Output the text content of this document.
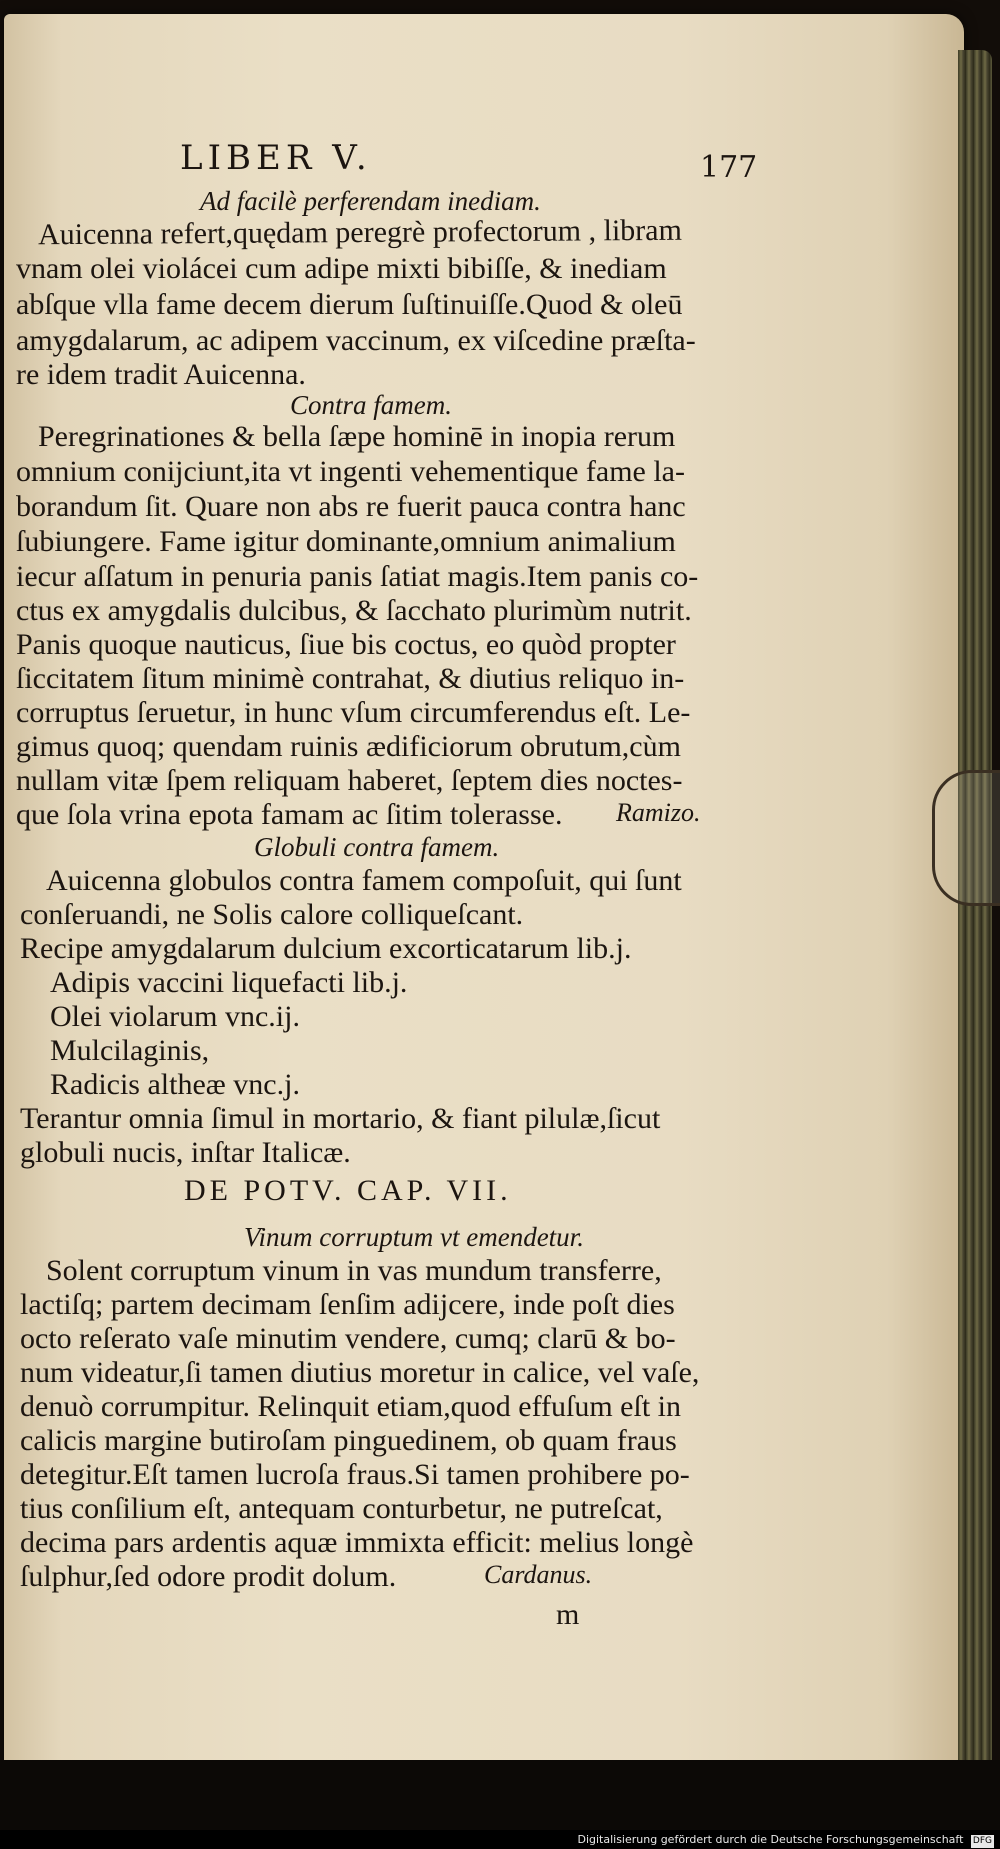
LIBER V.	177
Ad facilè perferendam inediam.
Auicenna refert,quędam peregrè profectorum , libram
vnam olei violácei cum adipe mixti bibiſſe, & inediam
abſque vlla fame decem dierum ſuſtinuiſſe.Quod & oleū
amygdalarum, ac adipem vaccinum, ex viſcedine præſta-
re idem tradit Auicenna.
Contra famem.
Peregrinationes & bella ſæpe hominē in inopia rerum
omnium conijciunt,ita vt ingenti vehementique fame la-
borandum ſit. Quare non abs re fuerit pauca contra hanc
ſubiungere. Fame igitur dominante,omnium animalium
iecur aſſatum in penuria panis ſatiat magis.Item panis co-
ctus ex amygdalis dulcibus, & ſacchato plurimùm nutrit.
Panis quoque nauticus, ſiue bis coctus, eo quòd propter
ſiccitatem ſitum minimè contrahat, & diutius reliquo in-
corruptus ſeruetur, in hunc vſum circumferendus eſt. Le-
gimus quoq; quendam ruinis ædificiorum obrutum,cùm
nullam vitæ ſpem reliquam haberet, ſeptem dies noctes-
que ſola vrina epota famam ac ſitim tolerasse. Ramizo.
Globuli contra famem.
Auicenna globulos contra famem compoſuit, qui ſunt
conſeruandi, ne Solis calore colliqueſcant.
Recipe amygdalarum dulcium excorticatarum lib.j.
Adipis vaccini liquefacti lib.j.
Olei violarum vnc.ij.
Mulcilaginis,
Radicis altheæ vnc.j.
Terantur omnia ſimul in mortario, & fiant pilulæ,ſicut
globuli nucis, inſtar Italicæ.
DE POTV. CAP. VII.
Vinum corruptum vt emendetur.
Solent corruptum vinum in vas mundum transferre,
lactiſq; partem decimam ſenſim adijcere, inde poſt dies
octo reſerato vaſe minutim vendere, cumq; clarū & bo-
num videatur,ſi tamen diutius moretur in calice, vel vaſe,
denuò corrumpitur. Relinquit etiam,quod effuſum eſt in
calicis margine butiroſam pinguedinem, ob quam fraus
detegitur.Eſt tamen lucroſa fraus.Si tamen prohibere po-
tius conſilium eſt, antequam conturbetur, ne putreſcat,
decima pars ardentis aquæ immixta efficit: melius longè
ſulphur,ſed odore prodit dolum.	Cardanus.
m
Digitalisierung gefördert durch die Deutsche Forschungsgemeinschaft DFG
